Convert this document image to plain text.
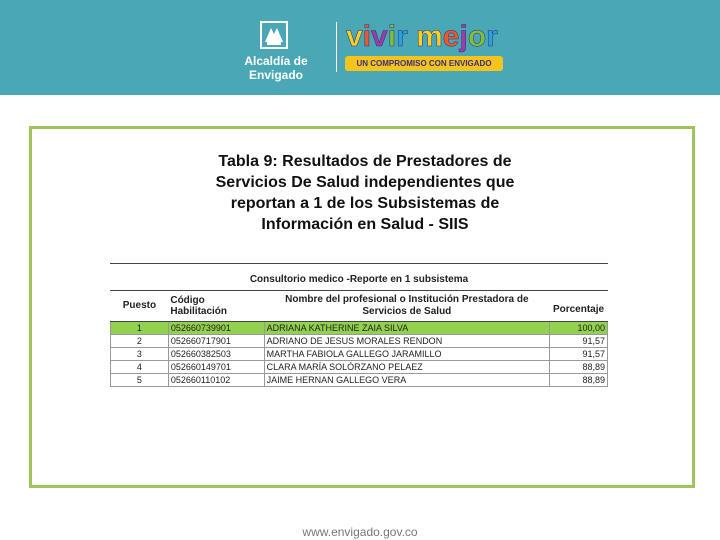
Alcaldía de Envigado
vivir mejor
UN COMPROMISO CON ENVIGADO
Tabla 9: Resultados de Prestadores de
Servicios De Salud independientes que
reportan a 1 de los Subsistemas de
Información en Salud - SIIS
Consultorio medico -Reporte en 1 subsistema
Puesto	Código Habilitación	Nombre del profesional o Institución Prestadora de Servicios de Salud	Porcentaje
1	052660739901	ADRIANA KATHERINE ZAIA SILVA	100,00
2	052660717901	ADRIANO DE JESUS MORALES RENDON	91,57
3	052660382503	MARTHA FABIOLA GALLEGO JARAMILLO	91,57
4	052660149701	CLARA MARÍA SOLÓRZANO PELAEZ	88,89
5	052660110102	JAIME HERNAN GALLEGO VERA	88,89
www.envigado.gov.co
